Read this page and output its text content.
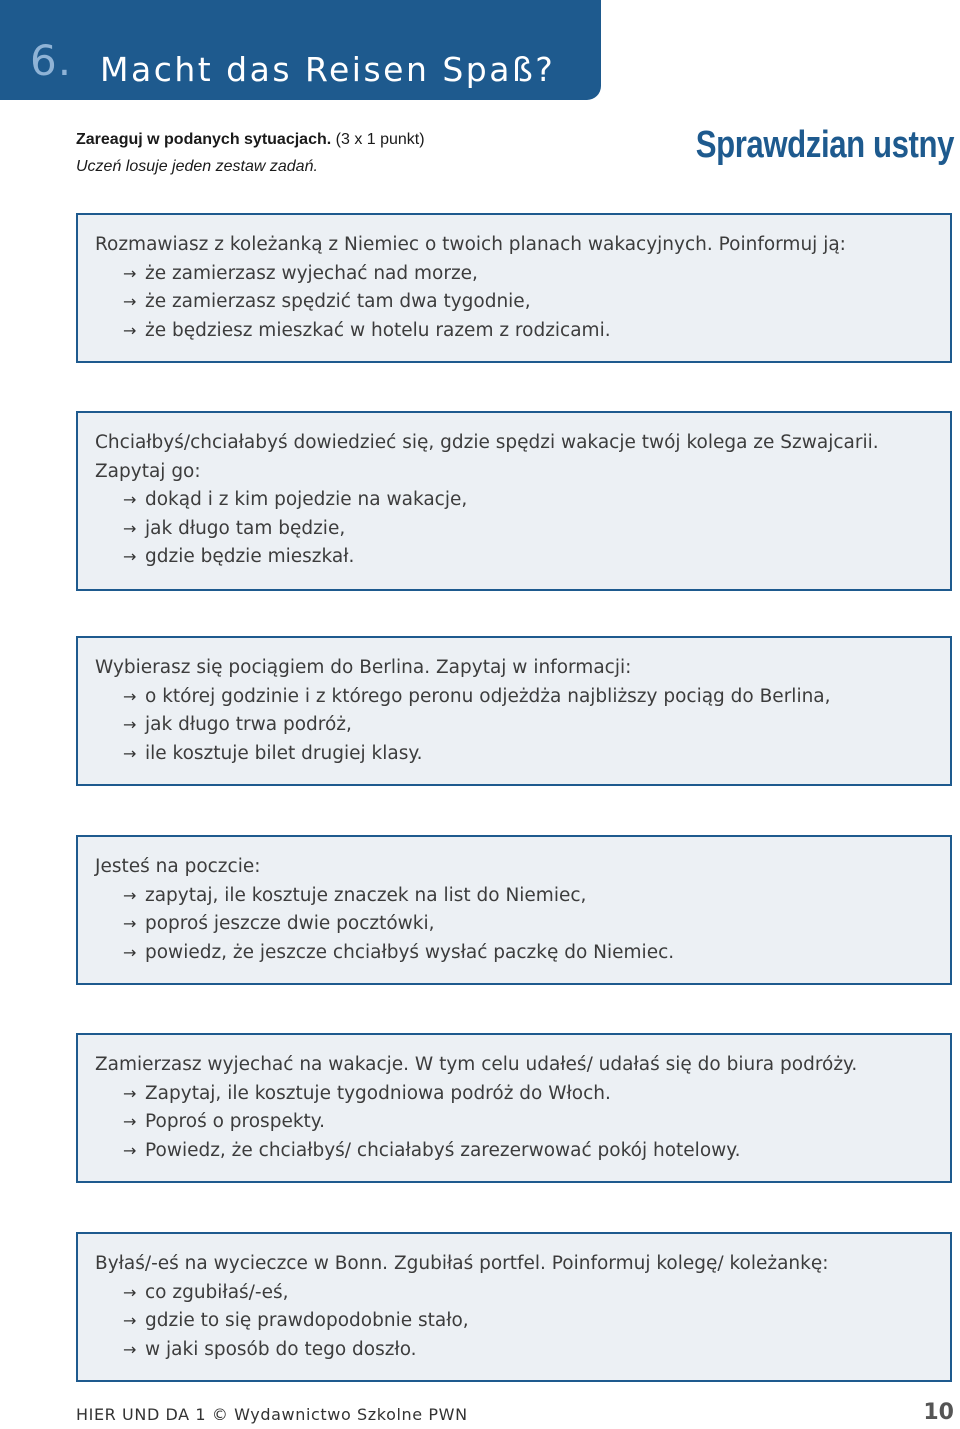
6. Macht das Reisen Spaß?
Zareaguj w podanych sytuacjach. (3 x 1 punkt)
Uczeń losuje jeden zestaw zadań.
Sprawdzian ustny
Rozmawiasz z koleżanką z Niemiec o twoich planach wakacyjnych. Poinformuj ją:
→ że zamierzasz wyjechać nad morze,
→ że zamierzasz spędzić tam dwa tygodnie,
→ że będziesz mieszkać w hotelu razem z rodzicami.
Chciałbyś/chciałabyś dowiedzieć się, gdzie spędzi wakacje twój kolega ze Szwajcarii.
Zapytaj go:
→ dokąd i z kim pojedzie na wakacje,
→ jak długo tam będzie,
→ gdzie będzie mieszkał.
Wybierasz się pociągiem do Berlina. Zapytaj w informacji:
→ o której godzinie i z którego peronu odjeżdża najbliższy pociąg do Berlina,
→ jak długo trwa podróż,
→ ile kosztuje bilet drugiej klasy.
Jesteś na poczcie:
→ zapytaj, ile kosztuje znaczek na list do Niemiec,
→ poproś jeszcze dwie pocztówki,
→ powiedz, że jeszcze chciałbyś wysłać paczkę do Niemiec.
Zamierzasz wyjechać na wakacje. W tym celu udałeś/ udałaś się do biura podróży.
→ Zapytaj, ile kosztuje tygodniowa podróż do Włoch.
→ Poproś o prospekty.
→ Powiedz, że chciałbyś/ chciałabyś zarezerwować pokój hotelowy.
Byłaś/-eś na wycieczce w Bonn. Zgubiłaś portfel. Poinformuj kolegę/ koleżankę:
→ co zgubiłaś/-eś,
→ gdzie to się prawdopodobnie stało,
→ w jaki sposób do tego doszło.
HIER UND DA 1 © Wydawnictwo Szkolne PWN	10
